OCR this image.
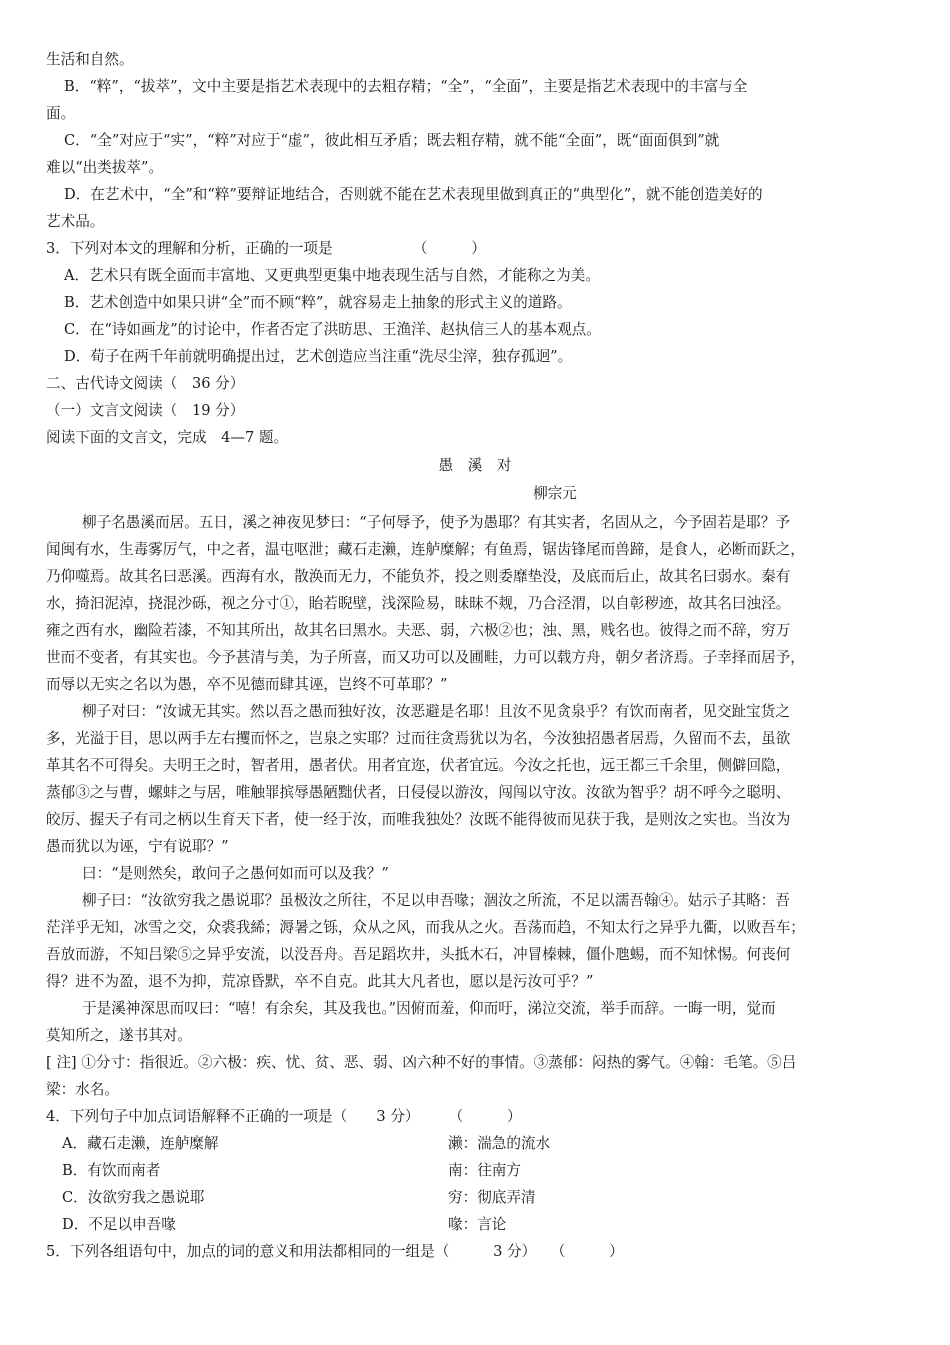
生活和自然。
B．“粹”，“拔萃”，文中主要是指艺术表现中的去粗存精；“全”，“全面”，主要是指艺术表现中的丰富与全
面。
C．“全”对应于“实”，“粹”对应于“虚”，彼此相互矛盾；既去粗存精，就不能“全面”，既“面面俱到”就
难以“出类拔萃”。
D．在艺术中，“全”和“粹”要辩证地结合，否则就不能在艺术表现里做到真正的“典型化”，就不能创造美好的
艺术品。
3．下列对本文的理解和分析，正确的一项是　　　　　　（　　　）
A．艺术只有既全面而丰富地、又更典型更集中地表现生活与自然，才能称之为美。
B．艺术创造中如果只讲“全”而不顾“粹”，就容易走上抽象的形式主义的道路。
C．在“诗如画龙”的讨论中，作者否定了洪昉思、王渔洋、赵执信三人的基本观点。
D．荀子在两千年前就明确提出过，艺术创造应当注重“洗尽尘滓，独存孤迥”。
二、古代诗文阅读（　36 分）
（一）文言文阅读（　19 分）
阅读下面的文言文，完成　4—7 题。
愚　溪　对
柳宗元
柳子名愚溪而居。五日，溪之神夜见梦曰：“子何辱予，使予为愚耶？有其实者，名固从之，今予固若是耶？予
闻闽有水，生毒雾厉气，中之者，温屯呕泄；藏石走濑，连舻糜解；有鱼焉，锯齿锋尾而兽蹄，是食人，必断而跃之，
乃仰噬焉。故其名曰恶溪。西海有水，散涣而无力，不能负芥，投之则委靡垫没，及底而后止，故其名曰弱水。秦有
水，掎汩泥淖，挠混沙砾，视之分寸①，眙若睨壁，浅深险易，昧昧不觌，乃合泾渭，以自彰秽迹，故其名曰浊泾。
雍之西有水，幽险若漆，不知其所出，故其名曰黑水。夫恶、弱，六极②也；浊、黑，贱名也。彼得之而不辞，穷万
世而不变者，有其实也。今予甚清与美，为子所喜，而又功可以及圃畦，力可以载方舟，朝夕者济焉。子幸择而居予，
而辱以无实之名以为愚，卒不见德而肆其诬，岂终不可革耶？”
柳子对曰：“汝诚无其实。然以吾之愚而独好汝，汝恶避是名耶！且汝不见贪泉乎？有饮而南者，见交趾宝货之
多，光溢于目，思以两手左右攫而怀之，岂泉之实耶？过而往贪焉犹以为名，今汝独招愚者居焉，久留而不去，虽欲
革其名不可得矣。夫明王之时，智者用，愚者伏。用者宜迩，伏者宜远。今汝之托也，远王都三千余里，侧僻回隐，
蒸郁③之与曹，螺蚌之与居，唯触罪摈辱愚陋黜伏者，日侵侵以游汝，闯闯以守汝。汝欲为智乎？胡不呼今之聪明、
皎厉、握天子有司之柄以生育天下者，使一经于汝，而唯我独处？汝既不能得彼而见获于我，是则汝之实也。当汝为
愚而犹以为诬，宁有说耶？”
曰：“是则然矣，敢问子之愚何如而可以及我？”
柳子曰：“汝欲穷我之愚说耶？虽极汝之所往，不足以申吾喙；涸汝之所流，不足以濡吾翰④。姑示子其略：吾
茫洋乎无知，冰雪之交，众裘我絺；溽暑之铄，众从之风，而我从之火。吾荡而趋，不知太行之异乎九衢，以败吾车；
吾放而游，不知吕梁⑤之异乎安流，以没吾舟。吾足蹈坎井，头抵木石，冲冒榛棘，僵仆虺蜴，而不知怵惕。何丧何
得？进不为盈，退不为抑，荒凉昏默，卒不自克。此其大凡者也，愿以是污汝可乎？”
于是溪神深思而叹曰：“嘻！有余矣，其及我也。”因俯而羞，仰而吁，涕泣交流，举手而辞。一晦一明，觉而
莫知所之，遂书其对。
[ 注] ①分寸：指很近。②六极：疾、忧、贫、恶、弱、凶六种不好的事情。③蒸郁：闷热的雾气。④翰：毛笔。⑤吕
梁：水名。
4．下列句子中加点词语解释不正确的一项是（　　3 分）　　　（　　　）
A．藏石走濑，连舻糜解	濑：湍急的流水
B．有饮而南者	南：往南方
C．汝欲穷我之愚说耶	穷：彻底弄清
D．不足以申吾喙	喙：言论
5．下列各组语句中，加点的词的意义和用法都相同的一组是（　　　3 分）　　（　　　）
